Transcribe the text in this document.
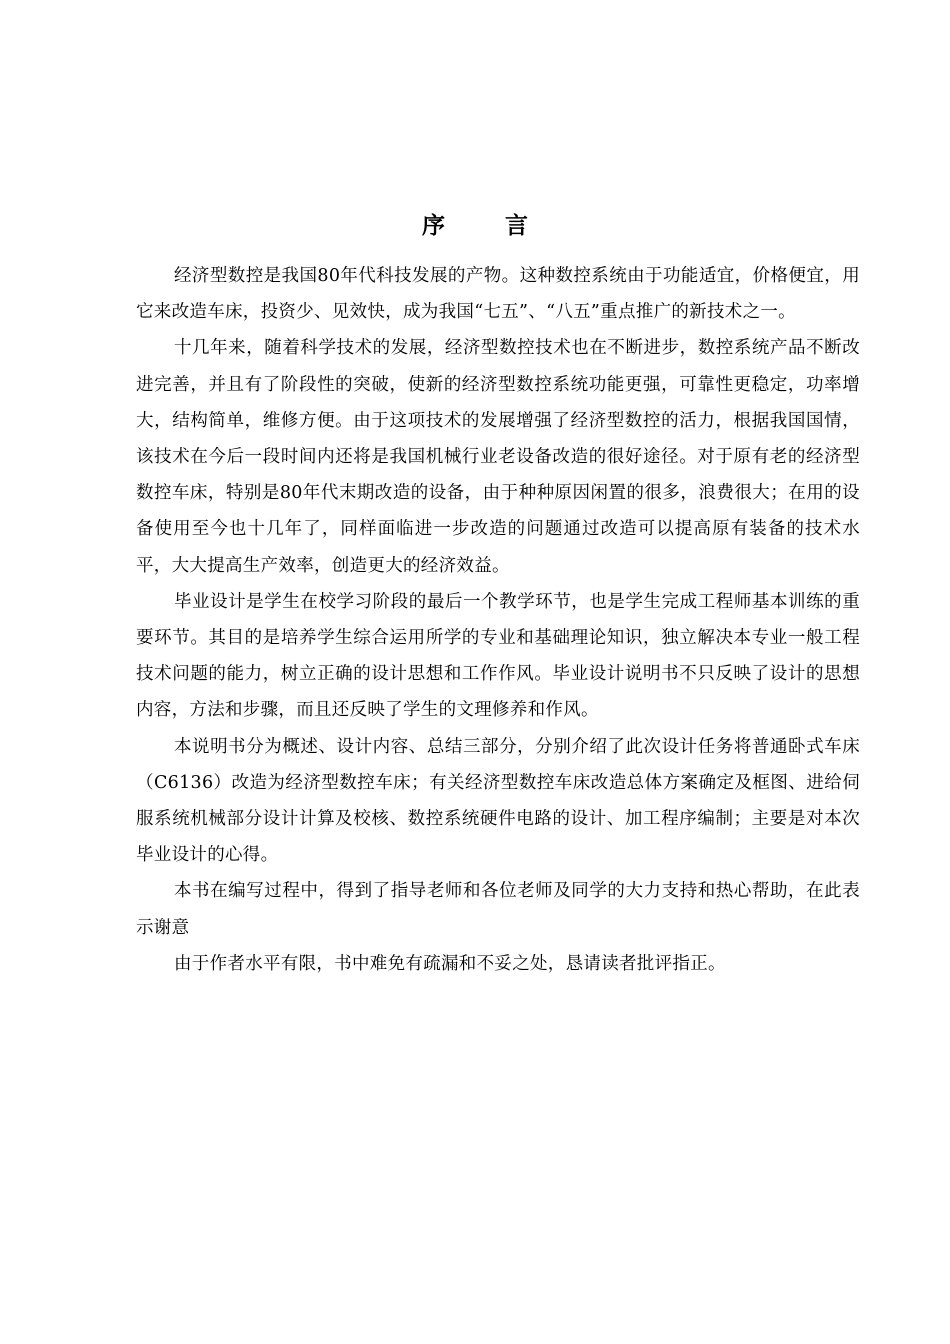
序 言

经济型数控是我国80年代科技发展的产物。这种数控系统由于功能适宜，价格便宜，用它来改造车床，投资少、见效快，成为我国“七五”、“八五”重点推广的新技术之一。

十几年来，随着科学技术的发展，经济型数控技术也在不断进步，数控系统产品不断改进完善，并且有了阶段性的突破，使新的经济型数控系统功能更强，可靠性更稳定，功率增大，结构简单，维修方便。由于这项技术的发展增强了经济型数控的活力，根据我国国情，该技术在今后一段时间内还将是我国机械行业老设备改造的很好途径。对于原有老的经济型数控车床，特别是80年代末期改造的设备，由于种种原因闲置的很多，浪费很大；在用的设备使用至今也十几年了，同样面临进一步改造的问题通过改造可以提高原有装备的技术水平，大大提高生产效率，创造更大的经济效益。

毕业设计是学生在校学习阶段的最后一个教学环节，也是学生完成工程师基本训练的重要环节。其目的是培养学生综合运用所学的专业和基础理论知识，独立解决本专业一般工程技术问题的能力，树立正确的设计思想和工作作风。毕业设计说明书不只反映了设计的思想内容，方法和步骤，而且还反映了学生的文理修养和作风。

本说明书分为概述、设计内容、总结三部分，分别介绍了此次设计任务将普通卧式车床（C6136）改造为经济型数控车床；有关经济型数控车床改造总体方案确定及框图、进给伺服系统机械部分设计计算及校核、数控系统硬件电路的设计、加工程序编制；主要是对本次毕业设计的心得。

本书在编写过程中，得到了指导老师和各位老师及同学的大力支持和热心帮助，在此表示谢意

由于作者水平有限，书中难免有疏漏和不妥之处，恳请读者批评指正。
